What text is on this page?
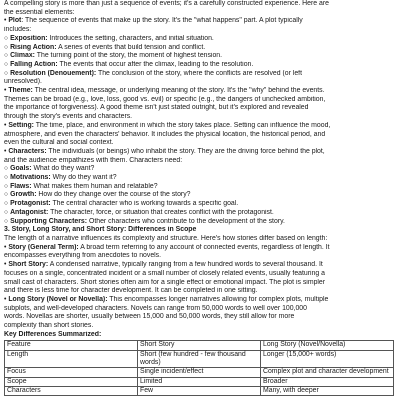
A compelling story is more than just a sequence of events; it's a carefully constructed experience. Here are
the essential elements:
• Plot: The sequence of events that make up the story. It's the "what happens" part. A plot typically
includes:
○ Exposition: Introduces the setting, characters, and initial situation.
○ Rising Action: A series of events that build tension and conflict.
○ Climax: The turning point of the story, the moment of highest tension.
○ Falling Action: The events that occur after the climax, leading to the resolution.
○ Resolution (Denouement): The conclusion of the story, where the conflicts are resolved (or left
unresolved).
• Theme: The central idea, message, or underlying meaning of the story. It's the "why" behind the events.
Themes can be broad (e.g., love, loss, good vs. evil) or specific (e.g., the dangers of unchecked ambition,
the importance of forgiveness). A good theme isn't just stated outright, but it's explored and revealed
through the story's events and characters.
• Setting: The time, place, and environment in which the story takes place. Setting can influence the mood,
atmosphere, and even the characters' behavior. It includes the physical location, the historical period, and
even the cultural and social context.
• Characters: The individuals (or beings) who inhabit the story. They are the driving force behind the plot,
and the audience empathizes with them. Characters need:
○ Goals: What do they want?
○ Motivations: Why do they want it?
○ Flaws: What makes them human and relatable?
○ Growth: How do they change over the course of the story?
○ Protagonist: The central character who is working towards a specific goal.
○ Antagonist: The character, force, or situation that creates conflict with the protagonist.
○ Supporting Characters: Other characters who contribute to the development of the story.
3. Story, Long Story, and Short Story: Differences in Scope
The length of a narrative influences its complexity and structure. Here's how stories differ based on length:
• Story (General Term): A broad term referring to any account of connected events, regardless of length. It
encompasses everything from anecdotes to novels.
• Short Story: A condensed narrative, typically ranging from a few hundred words to several thousand. It
focuses on a single, concentrated incident or a small number of closely related events, usually featuring a
small cast of characters. Short stories often aim for a single effect or emotional impact. The plot is simpler
and there is less time for character development. It can be completed in one sitting.
• Long Story (Novel or Novella): This encompasses longer narratives allowing for complex plots, multiple
subplots, and well-developed characters. Novels can range from 50,000 words to well over 100,000
words. Novellas are shorter, usually between 15,000 and 50,000 words, they still allow for more
complexity than short stories.
Key Differences Summarized:
Feature	Short Story	Long Story (Novel/Novella)
Length	Short (few hundred - few thousand words)	Longer (15,000+ words)
Focus	Single incident/effect	Complex plot and character development
Scope	Limited	Broader
Characters	Few	Many, with deeper
